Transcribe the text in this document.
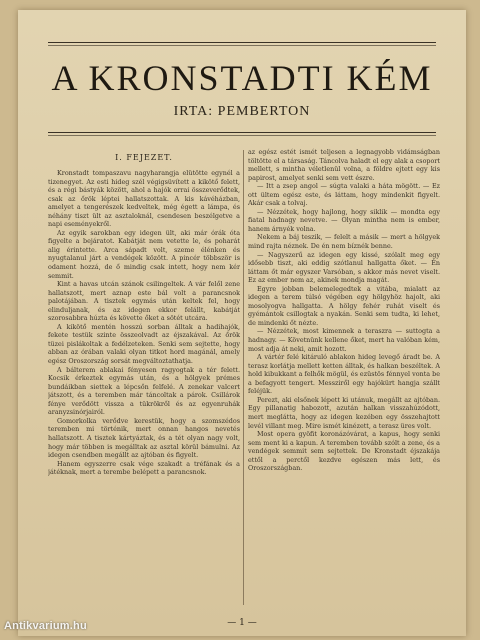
A KRONSTADTI KÉM
IRTA: PEMBERTON
I. FEJEZET.

Kronstadt tompaszavu nagyharangja elütötte egynél a tizenegyet. Az esti hideg szél végigsüvített a kikötő felett, és a régi bástyák között, ahol a hajók orrai összeverődtek, csak az őrök léptei hallatszottak. A kis kávéházban, amelyet a tengerészek kedveltek, még égett a lámpa, és néhány tiszt ült az asztaloknál, csendesen beszélgetve a napi eseményekről.

Az egyik sarokban egy idegen ült, aki már órák óta figyelte a bejáratot. Kabátját nem vetette le, és poharát alig érintette. Arca sápadt volt, szeme élénken és nyugtalanul járt a vendégek között. A pincér többször is odament hozzá, de ő mindig csak intett, hogy nem kér semmit.

Kint a havas utcán szánok csilingeltek. A vár felől zene hallatszott, mert aznap este bál volt a parancsnok palotájában. A tisztek egymás után keltek fel, hogy elinduljanak, és az idegen ekkor felállt, kabátját szorosabbra húzta és követte őket a sötét utcára.

A kikötő mentén hosszú sorban álltak a hadihajók, fekete testük szinte összeolvadt az éjszakával. Az őrök tüzei pislákoltak a fedélzeteken. Senki sem sejtette, hogy abban az órában valaki olyan titkot hord magánál, amely egész Oroszország sorsát megváltoztathatja.

A bálterem ablakai fényesen ragyogtak a tér felett. Kocsik érkeztek egymás után, és a hölgyek prémes bundáikban siettek a lépcsőn felfelé. A zenekar valcert játszott, és a teremben már táncoltak a párok. Csillárok fénye verődött vissza a tükrökről és az egyenruhák aranyzsinórjairól.

Gomorkolka verődve kerestük, hogy a szomszédos teremben mi történik, mert onnan hangos nevetés hallatszott. A tisztek kártyáztak, és a tét olyan nagy volt, hogy már többen is megálltak az asztal körül bámulni. Az idegen csendben megállt az ajtóban és figyelt.

Hanem egyszerre csak vége szakadt a tréfának és a játéknak, mert a terembe belépett a parancsnok.

az egész estét ismét teljesen a legnagyobb vidámságban töltötte el a társaság. Táncolva haladt el egy alak a csoport mellett, s mintha véletlenül volna, a földre ejtett egy kis papirost, amelyet senki sem vett észre.

— Itt a zsep angol — súgta valaki a háta mögött. — Ez ott ültem egész este, és láttam, hogy mindenkit figyelt. Akár csak a tolvaj.

— Nézzétek, hogy hajlong, hogy siklik — mondta egy fiatal hadnagy nevetve. — Olyan mintha nem is ember, hanem árnyék volna.

Nekem a báj teszik, — felelt a másik — mert a hölgyek mind rajta néznek. De én nem bíznék benne.

— Nagyszerű az idegen egy kissé, szólalt meg egy idősebb tiszt, aki eddig szótlanul hallgatta őket. — Én láttam őt már egyszer Varsóban, s akkor más nevet viselt. Ez az ember nem az, akinek mondja magát.

Egyre jobban belemelegedtek a vitába, mialatt az idegen a terem túlsó végében egy hölgyhöz hajolt, aki mosolyogva hallgatta. A hölgy fehér ruhát viselt és gyémántok csillogtak a nyakán. Senki sem tudta, ki lehet, de mindenki őt nézte.

— Nézzétek, most kimennek a teraszra — suttogta a hadnagy. — Követnünk kellene őket, mert ha valóban kém, most adja át neki, amit hozott.

A vártér felé kitáruló ablakon hideg levegő áradt be. A terasz korlátja mellett ketten álltak, és halkan beszéltek. A hold kibukkant a felhők mögül, és ezüstös fénnyel vonta be a befagyott tengert. Messziről egy hajókürt hangja szállt feléjük.

Perezt, aki elsőnek lépett ki utánuk, megállt az ajtóban. Egy pillanatig habozott, azután halkan visszahúzódott, mert meglátta, hogy az idegen kezében egy összehajtott levél villant meg. Mire ismét kinézett, a terasz üres volt.

Most opera gyöfit koronázóvárat, a kapus, hogy senki sem ment ki a kapun. A teremben tovább szólt a zene, és a vendégek semmit sem sejtettek. De Kronstadt éjszakája ettől a perctől kezdve egészen más lett, és Oroszországban.

— 1 —
Antikvarium.hu
